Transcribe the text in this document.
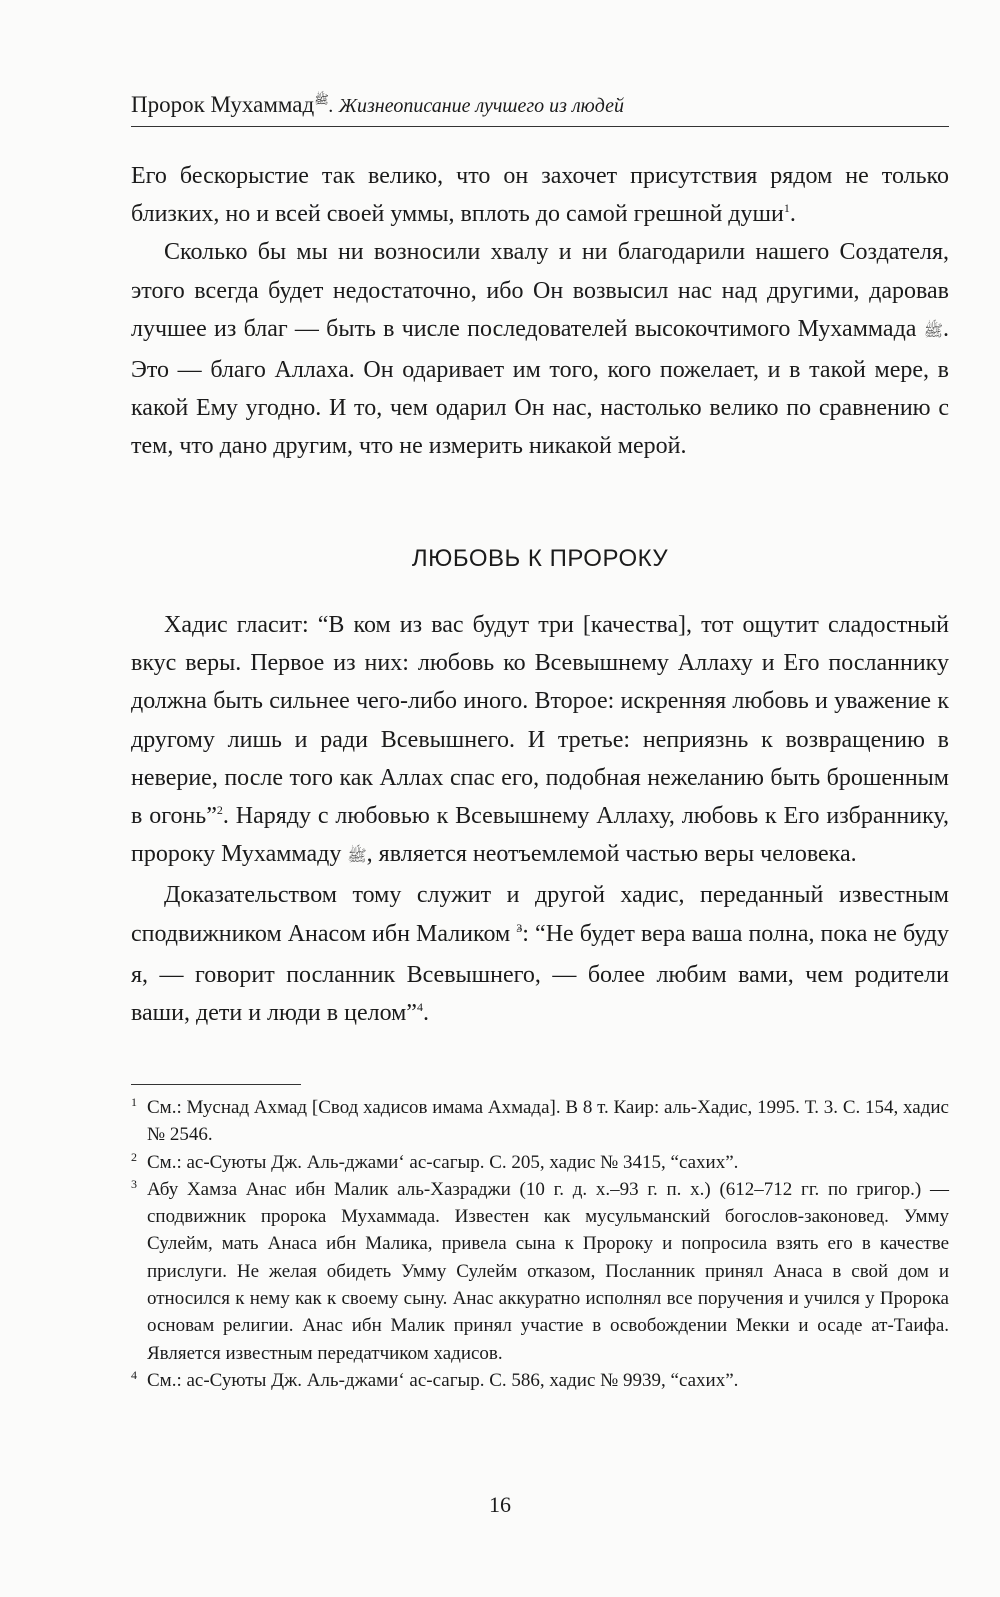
Пророк Мухаммад$^ﷺ$. Жизнеописание лучшего из людей

Его бескорыстие так велико, что он захочет присутствия рядом не только близких, но и всей своей уммы, вплоть до самой грешной души$^1$.

Сколько бы мы ни возносили хвалу и ни благодарили нашего Создателя, этого всегда будет недостаточно, ибо Он возвысил нас над другими, даровав лучшее из благ — быть в числе последователей высокочтимого Мухаммада ﷺ. Это — благо Аллаха. Он одаривает им того, кого пожелает, и в такой мере, в какой Ему угодно. И то, чем одарил Он нас, настолько велико по сравнению с тем, что дано другим, что не измерить никакой мерой.

ЛЮБОВЬ К ПРОРОКУ

Хадис гласит: “В ком из вас будут три [качества], тот ощутит сладостный вкус веры. Первое из них: любовь ко Всевышнему Аллаху и Его посланнику должна быть сильнее чего-либо иного. Второе: искренняя любовь и уважение к другому лишь и ради Всевышнего. И третье: неприязнь к возвращению в неверие, после того как Аллах спас его, подобная нежеланию быть брошенным в огонь”$^2$. Наряду с любовью к Всевышнему Аллаху, любовь к Его избраннику, пророку Мухаммаду ﷺ, является неотъемлемой частью веры человека.

Доказательством тому служит и другой хадис, переданный известным сподвижником Анасом ибн Маликом $^3$: “Не будет вера ваша полна, пока не буду я, — говорит посланник Всевышнего, — более любим вами, чем родители ваши, дети и люди в целом”$^4$.

1 См.: Муснад Ахмад [Свод хадисов имама Ахмада]. В 8 т. Каир: аль-Хадис, 1995. Т. 3. С. 154, хадис № 2546.

2 См.: ас-Суюты Дж. Аль-джами‘ ас-сагыр. С. 205, хадис № 3415, “сахих”.

3 Абу Хамза Анас ибн Малик аль-Хазраджи (10 г. д. х.–93 г. п. х.) (612–712 гг. по григор.) — сподвижник пророка Мухаммада. Известен как мусульманский богослов-законовед. Умму Сулейм, мать Анаса ибн Малика, привела сына к Пророку и попросила взять его в качестве прислуги. Не желая обидеть Умму Сулейм отказом, Посланник принял Анаса в свой дом и относился к нему как к своему сыну. Анас аккуратно исполнял все поручения и учился у Пророка основам религии. Анас ибн Малик принял участие в освобождении Мекки и осаде ат-Таифа. Является известным передатчиком хадисов.

4 См.: ас-Суюты Дж. Аль-джами‘ ас-сагыр. С. 586, хадис № 9939, “сахих”.

16
